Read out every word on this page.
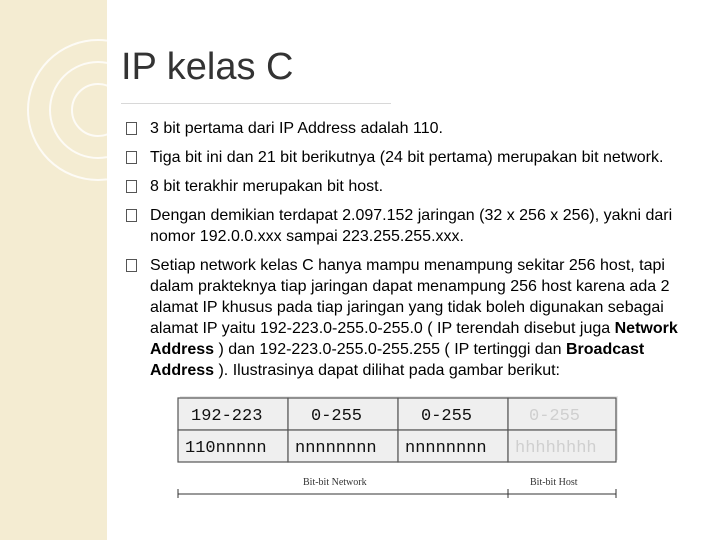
IP kelas C
3 bit pertama dari IP Address adalah 110.
Tiga bit ini dan 21 bit berikutnya (24 bit pertama) merupakan bit network.
8 bit terakhir merupakan bit host.
Dengan demikian terdapat 2.097.152 jaringan (32 x 256 x 256), yakni dari nomor 192.0.0.xxx sampai 223.255.255.xxx.
Setiap network kelas C hanya mampu menampung sekitar 256 host, tapi dalam prakteknya tiap jaringan dapat menampung 256 host karena ada 2 alamat IP khusus pada tiap jaringan yang tidak boleh digunakan sebagai alamat IP yaitu 192-223.0-255.0-255.0 ( IP terendah disebut juga Network Address ) dan 192-223.0-255.0-255.255 ( IP tertinggi dan Broadcast Address ). Ilustrasinya dapat dilihat pada gambar berikut:
192-223	0-255	0-255	0-255
110nnnnn nnnnnnnn nnnnnnnn hhhhhhhh
Bit-bit Network	Bit-bit Host
